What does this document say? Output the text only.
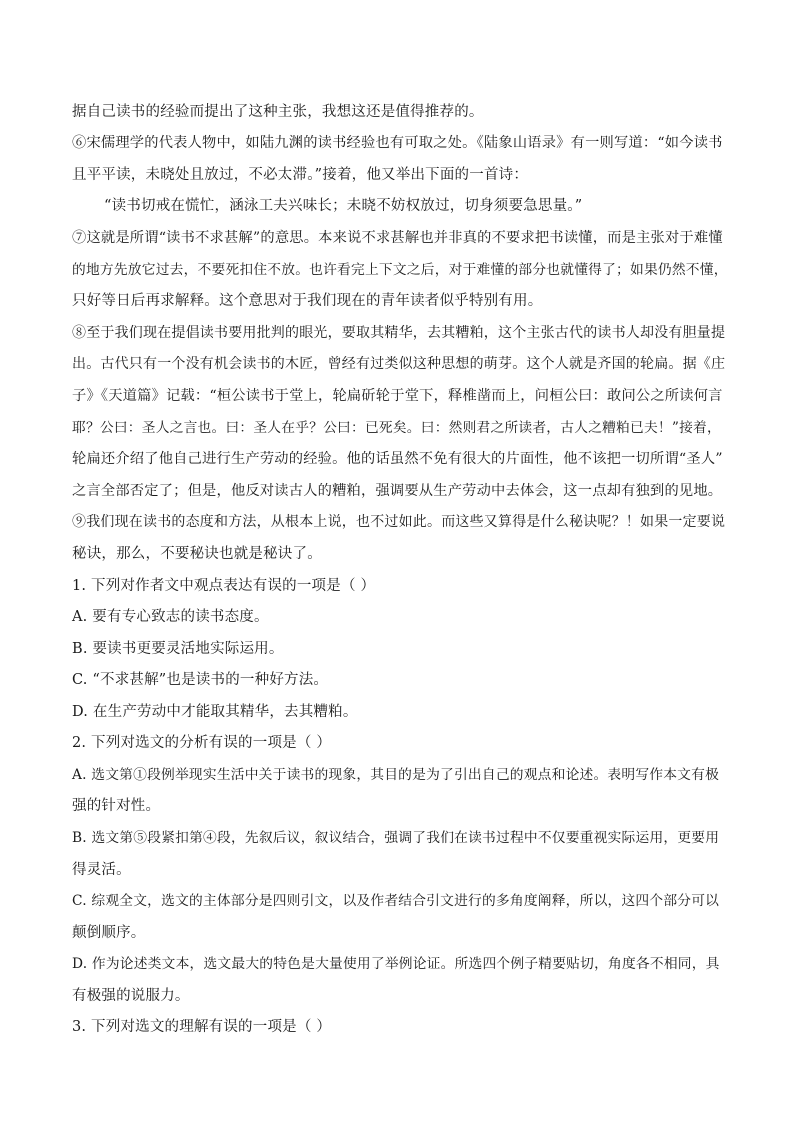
据自己读书的经验而提出了这种主张，我想这还是值得推荐的。
⑥宋儒理学的代表人物中，如陆九渊的读书经验也有可取之处。《陆象山语录》有一则写道：“如今读书
且平平读，未晓处且放过，不必太滞。”接着，他又举出下面的一首诗：
“读书切戒在慌忙，涵泳工夫兴味长；未晓不妨权放过，切身须要急思量。”
⑦这就是所谓“读书不求甚解”的意思。本来说不求甚解也并非真的不要求把书读懂，而是主张对于难懂
的地方先放它过去，不要死扣住不放。也许看完上下文之后，对于难懂的部分也就懂得了；如果仍然不懂，
只好等日后再求解释。这个意思对于我们现在的青年读者似乎特别有用。
⑧至于我们现在提倡读书要用批判的眼光，要取其精华，去其糟粕，这个主张古代的读书人却没有胆量提
出。古代只有一个没有机会读书的木匠，曾经有过类似这种思想的萌芽。这个人就是齐国的轮扁。据《庄
子》《天道篇》记载：“桓公读书于堂上，轮扁斫轮于堂下，释椎凿而上，问桓公曰：敢问公之所读何言
耶？公曰：圣人之言也。曰：圣人在乎？公曰：已死矣。曰：然则君之所读者，古人之糟粕已夫！”接着，
轮扁还介绍了他自己进行生产劳动的经验。他的话虽然不免有很大的片面性，他不该把一切所谓“圣人”
之言全部否定了；但是，他反对读古人的糟粕，强调要从生产劳动中去体会，这一点却有独到的见地。
⑨我们现在读书的态度和方法，从根本上说，也不过如此。而这些又算得是什么秘诀呢？！如果一定要说
秘诀，那么，不要秘诀也就是秘诀了。
1. 下列对作者文中观点表达有误的一项是（ ）
A. 要有专心致志的读书态度。
B. 要读书更要灵活地实际运用。
C. “不求甚解”也是读书的一种好方法。
D. 在生产劳动中才能取其精华，去其糟粕。
2. 下列对选文的分析有误的一项是（ ）
A. 选文第①段例举现实生活中关于读书的现象，其目的是为了引出自己的观点和论述。表明写作本文有极
强的针对性。
B. 选文第⑤段紧扣第④段，先叙后议，叙议结合，强调了我们在读书过程中不仅要重视实际运用，更要用
得灵活。
C. 综观全文，选文的主体部分是四则引文，以及作者结合引文进行的多角度阐释，所以，这四个部分可以
颠倒顺序。
D. 作为论述类文本，选文最大的特色是大量使用了举例论证。所选四个例子精要贴切，角度各不相同，具
有极强的说服力。
3. 下列对选文的理解有误的一项是（ ）
